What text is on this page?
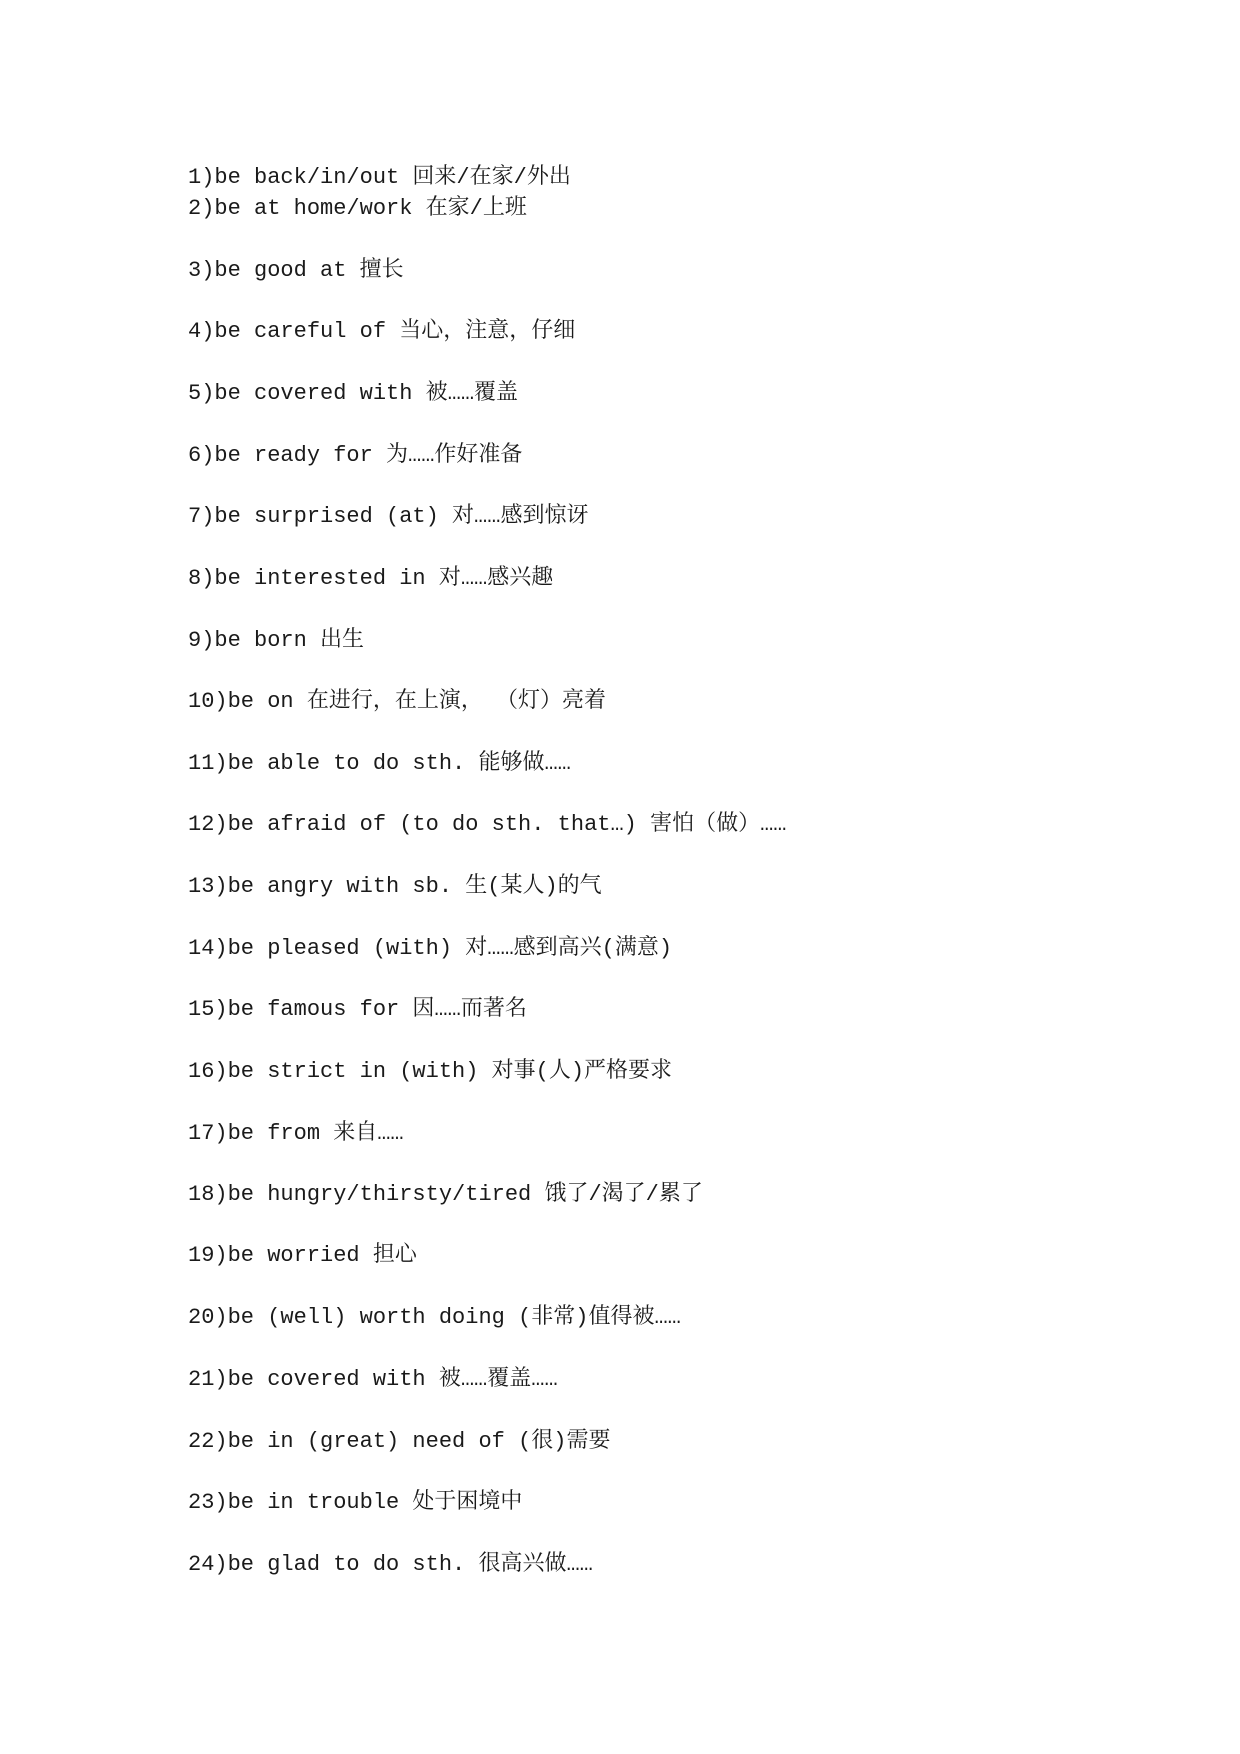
1)be back/in/out 回来/在家/外出
2)be at home/work 在家/上班
3)be good at 擅长
4)be careful of 当心，注意，仔细
5)be covered with 被……覆盖
6)be ready for 为……作好准备
7)be surprised (at) 对……感到惊讶
8)be interested in 对……感兴趣
9)be born 出生
10)be on 在进行，在上演， （灯）亮着
11)be able to do sth. 能够做……
12)be afraid of (to do sth. that…) 害怕（做）……
13)be angry with sb. 生(某人)的气
14)be pleased (with) 对……感到高兴(满意)
15)be famous for 因……而著名
16)be strict in (with) 对事(人)严格要求
17)be from 来自……
18)be hungry/thirsty/tired 饿了/渴了/累了
19)be worried 担心
20)be (well) worth doing (非常)值得被……
21)be covered with 被……覆盖……
22)be in (great) need of (很)需要
23)be in trouble 处于困境中
24)be glad to do sth. 很高兴做……
